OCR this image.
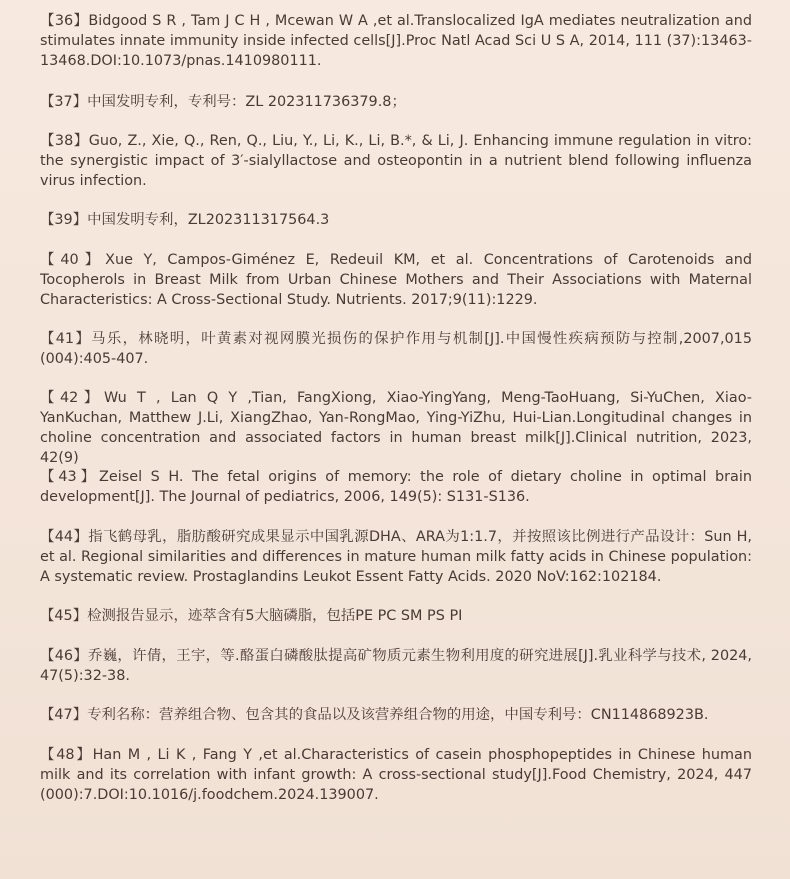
【36】Bidgood S R , Tam J C H , Mcewan W A ,et al.Translocalized IgA mediates neutralization and stimulates innate immunity inside infected cells[J].Proc Natl Acad Sci U S A, 2014, 111 (37):13463-13468.DOI:10.1073/pnas.1410980111.

【37】中国发明专利，专利号：ZL 202311736379.8；

【38】Guo, Z., Xie, Q., Ren, Q., Liu, Y., Li, K., Li, B.*, & Li, J. Enhancing immune regulation in vitro: the synergistic impact of 3′-sialyllactose and osteopontin in a nutrient blend following influenza virus infection.

【39】中国发明专利，ZL202311317564.3

【40】Xue Y, Campos-Giménez E, Redeuil KM, et al. Concentrations of Carotenoids and Tocopherols in Breast Milk from Urban Chinese Mothers and Their Associations with Maternal Characteristics: A Cross-Sectional Study. Nutrients. 2017;9(11):1229.

【41】马乐，林晓明，叶黄素对视网膜光损伤的保护作用与机制[J].中国慢性疾病预防与控制,2007,015 (004):405-407.

【42】Wu T , Lan Q Y ,Tian, FangXiong, Xiao-YingYang, Meng-TaoHuang, Si-YuChen, Xiao-YanKuchan, Matthew J.Li, XiangZhao, Yan-RongMao, Ying-YiZhu, Hui-Lian.Longitudinal changes in choline concentration and associated factors in human breast milk[J].Clinical nutrition, 2023, 42(9)

【43】Zeisel S H. The fetal origins of memory: the role of dietary choline in optimal brain development[J]. The Journal of pediatrics, 2006, 149(5): S131-S136.

【44】指飞鹤母乳，脂肪酸研究成果显示中国乳源DHA、ARA为1:1.7，并按照该比例进行产品设计：Sun H, et al. Regional similarities and differences in mature human milk fatty acids in Chinese population: A systematic review. Prostaglandins Leukot Essent Fatty Acids. 2020 NoV:162:102184.

【45】检测报告显示，迹萃含有5大脑磷脂，包括PE PC SM PS PI

【46】乔巍，许倩，王宇，等.酪蛋白磷酸肽提高矿物质元素生物利用度的研究进展[J].乳业科学与技术, 2024, 47(5):32-38.

【47】专利名称：营养组合物、包含其的食品以及该营养组合物的用途，中国专利号：CN114868923B.

【48】Han M , Li K , Fang Y ,et al.Characteristics of casein phosphopeptides in Chinese human milk and its correlation with infant growth: A cross-sectional study[J].Food Chemistry, 2024, 447 (000):7.DOI:10.1016/j.foodchem.2024.139007.
